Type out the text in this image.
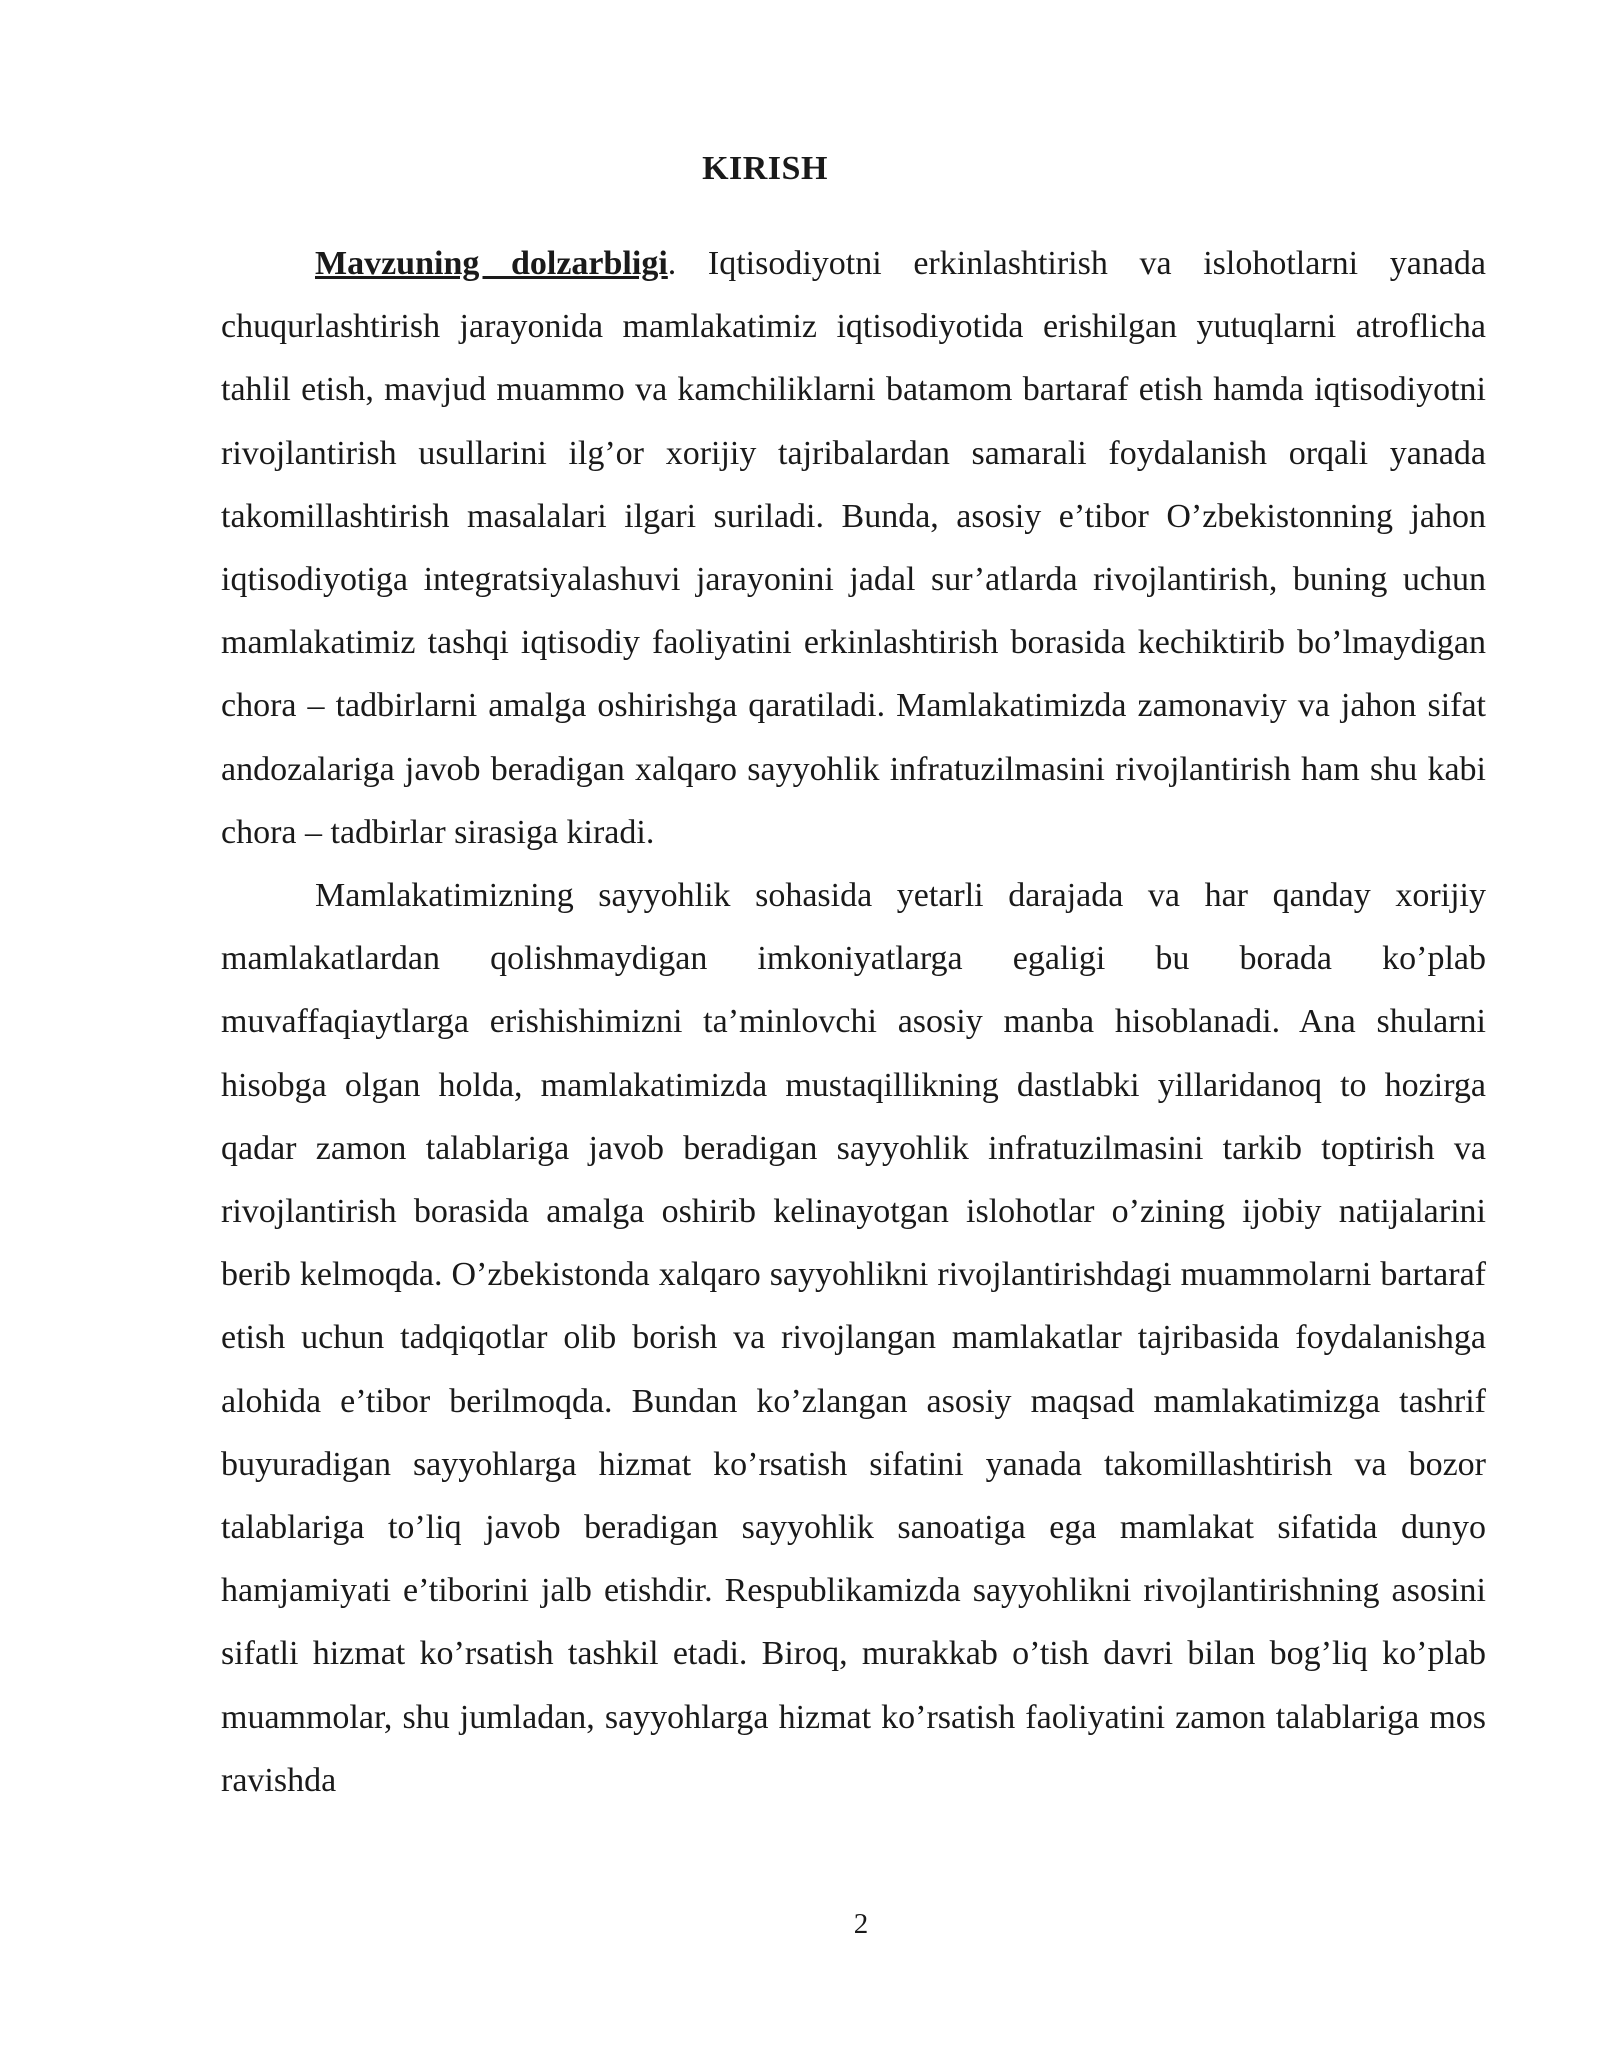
KIRISH

Mavzuning dolzarbligi. Iqtisodiyotni erkinlashtirish va islohotlarni yanada chuqurlashtirish jarayonida mamlakatimiz iqtisodiyotida erishilgan yutuqlarni atroflicha tahlil etish, mavjud muammo va kamchiliklarni batamom bartaraf etish hamda iqtisodiyotni rivojlantirish usullarini ilg’or xorijiy tajribalardan samarali foydalanish orqali yanada takomillashtirish masalalari ilgari suriladi. Bunda, asosiy e’tibor O’zbekistonning jahon iqtisodiyotiga integratsiyalashuvi jarayonini jadal sur’atlarda rivojlantirish, buning uchun mamlakatimiz tashqi iqtisodiy faoliyatini erkinlashtirish borasida kechiktirib bo’lmaydigan chora – tadbirlarni amalga oshirishga qaratiladi. Mamlakatimizda zamonaviy va jahon sifat andozalariga javob beradigan xalqaro sayyohlik infratuzilmasini rivojlantirish ham shu kabi chora – tadbirlar sirasiga kiradi.

Mamlakatimizning sayyohlik sohasida yetarli darajada va har qanday xorijiy mamlakatlardan qolishmaydigan imkoniyatlarga egaligi bu borada ko’plab muvaffaqiaytlarga erishishimizni ta’minlovchi asosiy manba hisoblanadi. Ana shularni hisobga olgan holda, mamlakatimizda mustaqillikning dastlabki yillaridanoq to hozirga qadar zamon talablariga javob beradigan sayyohlik infratuzilmasini tarkib toptirish va rivojlantirish borasida amalga oshirib kelinayotgan islohotlar o’zining ijobiy natijalarini berib kelmoqda. O’zbekistonda xalqaro sayyohlikni rivojlantirishdagi muammolarni bartaraf etish uchun tadqiqotlar olib borish va rivojlangan mamlakatlar tajribasida foydalanishga alohida e’tibor berilmoqda. Bundan ko’zlangan asosiy maqsad mamlakatimizga tashrif buyuradigan sayyohlarga hizmat ko’rsatish sifatini yanada takomillashtirish va bozor talablariga to’liq javob beradigan sayyohlik sanoatiga ega mamlakat sifatida dunyo hamjamiyati e’tiborini jalb etishdir. Respublikamizda sayyohlikni rivojlantirishning asosini sifatli hizmat ko’rsatish tashkil etadi. Biroq, murakkab o’tish davri bilan bog’liq ko’plab muammolar, shu jumladan, sayyohlarga hizmat ko’rsatish faoliyatini zamon talablariga mos ravishda

2
